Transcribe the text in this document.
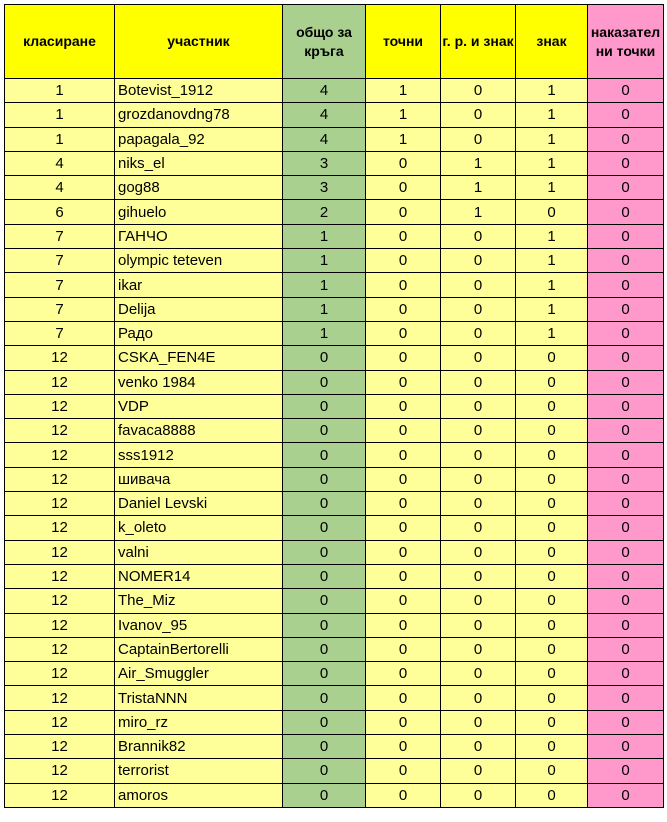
класиране	участник	общо за кръга	точни	г. р. и знак	знак	наказателни точки
1	Botevist_1912	4	1	0	1	0
1	grozdanovdng78	4	1	0	1	0
1	papagala_92	4	1	0	1	0
4	niks_el	3	0	1	1	0
4	gog88	3	0	1	1	0
6	gihuelo	2	0	1	0	0
7	ГАНЧО	1	0	0	1	0
7	olympic teteven	1	0	0	1	0
7	ikar	1	0	0	1	0
7	Delija	1	0	0	1	0
7	Радо	1	0	0	1	0
12	CSKA_FEN4E	0	0	0	0	0
12	venko 1984	0	0	0	0	0
12	VDP	0	0	0	0	0
12	favaca8888	0	0	0	0	0
12	sss1912	0	0	0	0	0
12	шивача	0	0	0	0	0
12	Daniel Levski	0	0	0	0	0
12	k_oleto	0	0	0	0	0
12	valni	0	0	0	0	0
12	NOMER14	0	0	0	0	0
12	The_Miz	0	0	0	0	0
12	Ivanov_95	0	0	0	0	0
12	CaptainBertorelli	0	0	0	0	0
12	Air_Smuggler	0	0	0	0	0
12	TristaNNN	0	0	0	0	0
12	miro_rz	0	0	0	0	0
12	Brannik82	0	0	0	0	0
12	terrorist	0	0	0	0	0
12	amoros	0	0	0	0	0
